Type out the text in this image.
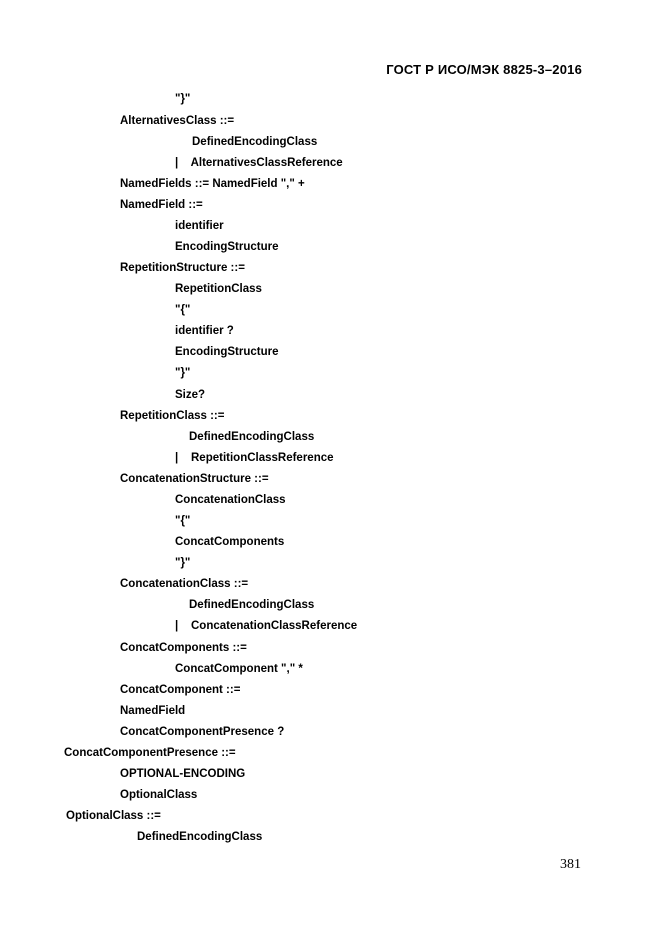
ГОСТ Р ИСО/МЭК 8825-3–2016
"}"
AlternativesClass ::=
DefinedEncodingClass
|    AlternativesClassReference
NamedFields ::= NamedField "," +
NamedField ::=
identifier
EncodingStructure
RepetitionStructure ::=
RepetitionClass
"{"
identifier ?
EncodingStructure
"}"
Size?
RepetitionClass ::=
DefinedEncodingClass
|    RepetitionClassReference
ConcatenationStructure ::=
ConcatenationClass
"{"
ConcatComponents
"}"
ConcatenationClass ::=
DefinedEncodingClass
|    ConcatenationClassReference
ConcatComponents ::=
ConcatComponent "," *
ConcatComponent ::=
NamedField
ConcatComponentPresence ?
ConcatComponentPresence ::=
OPTIONAL-ENCODING
OptionalClass
OptionalClass ::=
DefinedEncodingClass
381
